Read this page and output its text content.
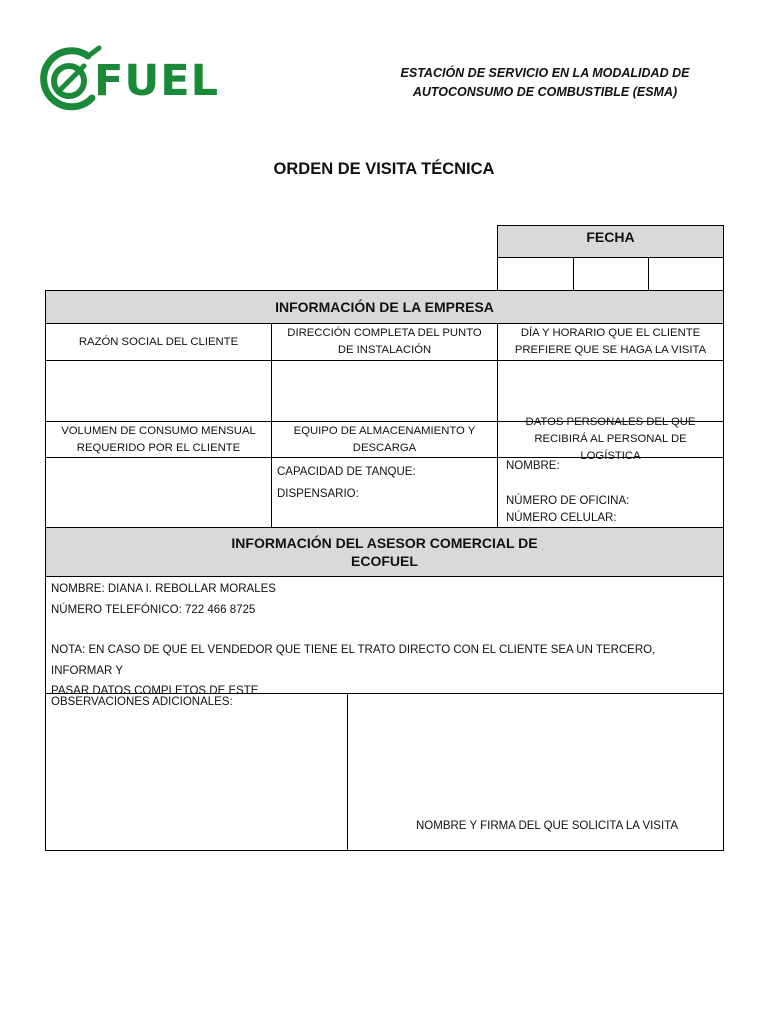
FUEL	ESTACIÓN DE SERVICIO EN LA MODALIDAD DE
AUTOCONSUMO DE COMBUSTIBLE (ESMA)
ORDEN DE VISITA TÉCNICA
FECHA
INFORMACIÓN DE LA EMPRESA
RAZÓN SOCIAL DEL CLIENTE
DIRECCIÓN COMPLETA DEL PUNTO
DE INSTALACIÓN
DÍA Y HORARIO QUE EL CLIENTE
PREFIERE QUE SE HAGA LA VISITA
VOLUMEN DE CONSUMO MENSUAL
REQUERIDO POR EL CLIENTE
EQUIPO DE ALMACENAMIENTO Y
DESCARGA
DATOS PERSONALES DEL QUE
RECIBIRÁ AL PERSONAL DE LOGÍSTICA
CAPACIDAD DE TANQUE:
DISPENSARIO:
NOMBRE:
NÚMERO DE OFICINA:
NÚMERO CELULAR:
INFORMACIÓN DEL ASESOR COMERCIAL DE
ECOFUEL
NOMBRE: DIANA I. REBOLLAR MORALES
NÚMERO TELEFÓNICO: 722 466 8725
NOTA: EN CASO DE QUE EL VENDEDOR QUE TIENE EL TRATO DIRECTO CON EL CLIENTE SEA UN TERCERO, INFORMAR Y
PASAR DATOS COMPLETOS DE ESTE.
OBSERVACIONES ADICIONALES:
NOMBRE Y FIRMA DEL QUE SOLICITA LA VISITA
